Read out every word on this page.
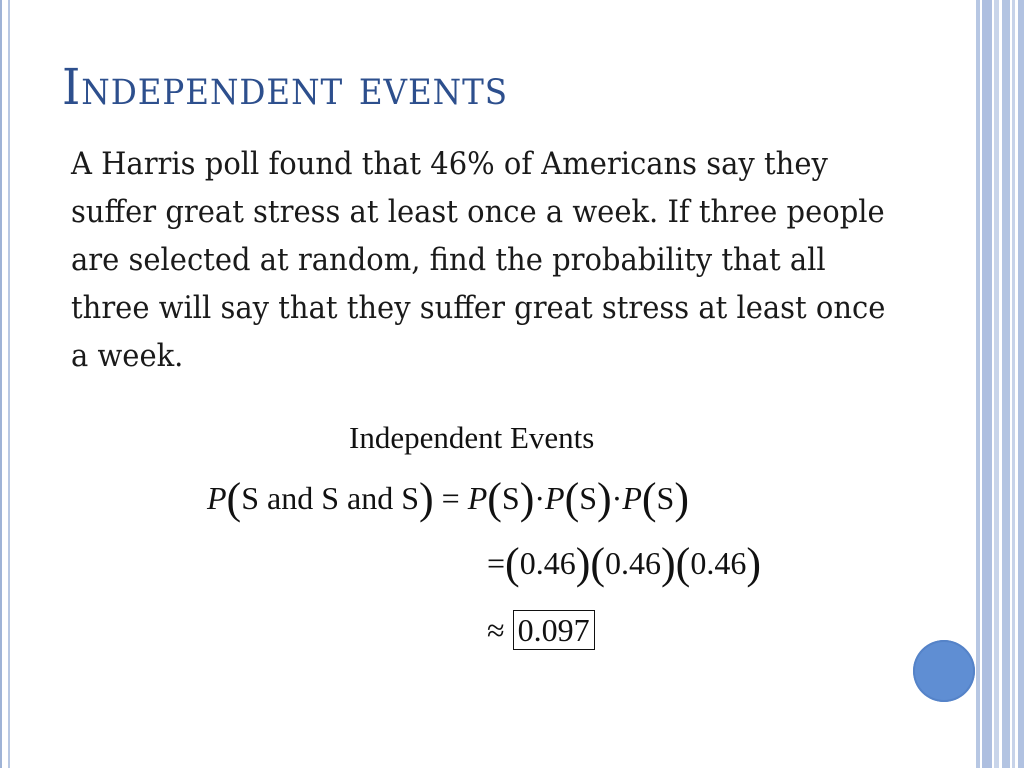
Independent events

A Harris poll found that 46% of Americans say they suffer great stress at least once a week. If three people are selected at random, find the probability that all three will say that they suffer great stress at least once a week.

Independent Events
P(S and S and S) = P(S)·P(S)·P(S)
=(0.46)(0.46)(0.46)
≈ 0.097
